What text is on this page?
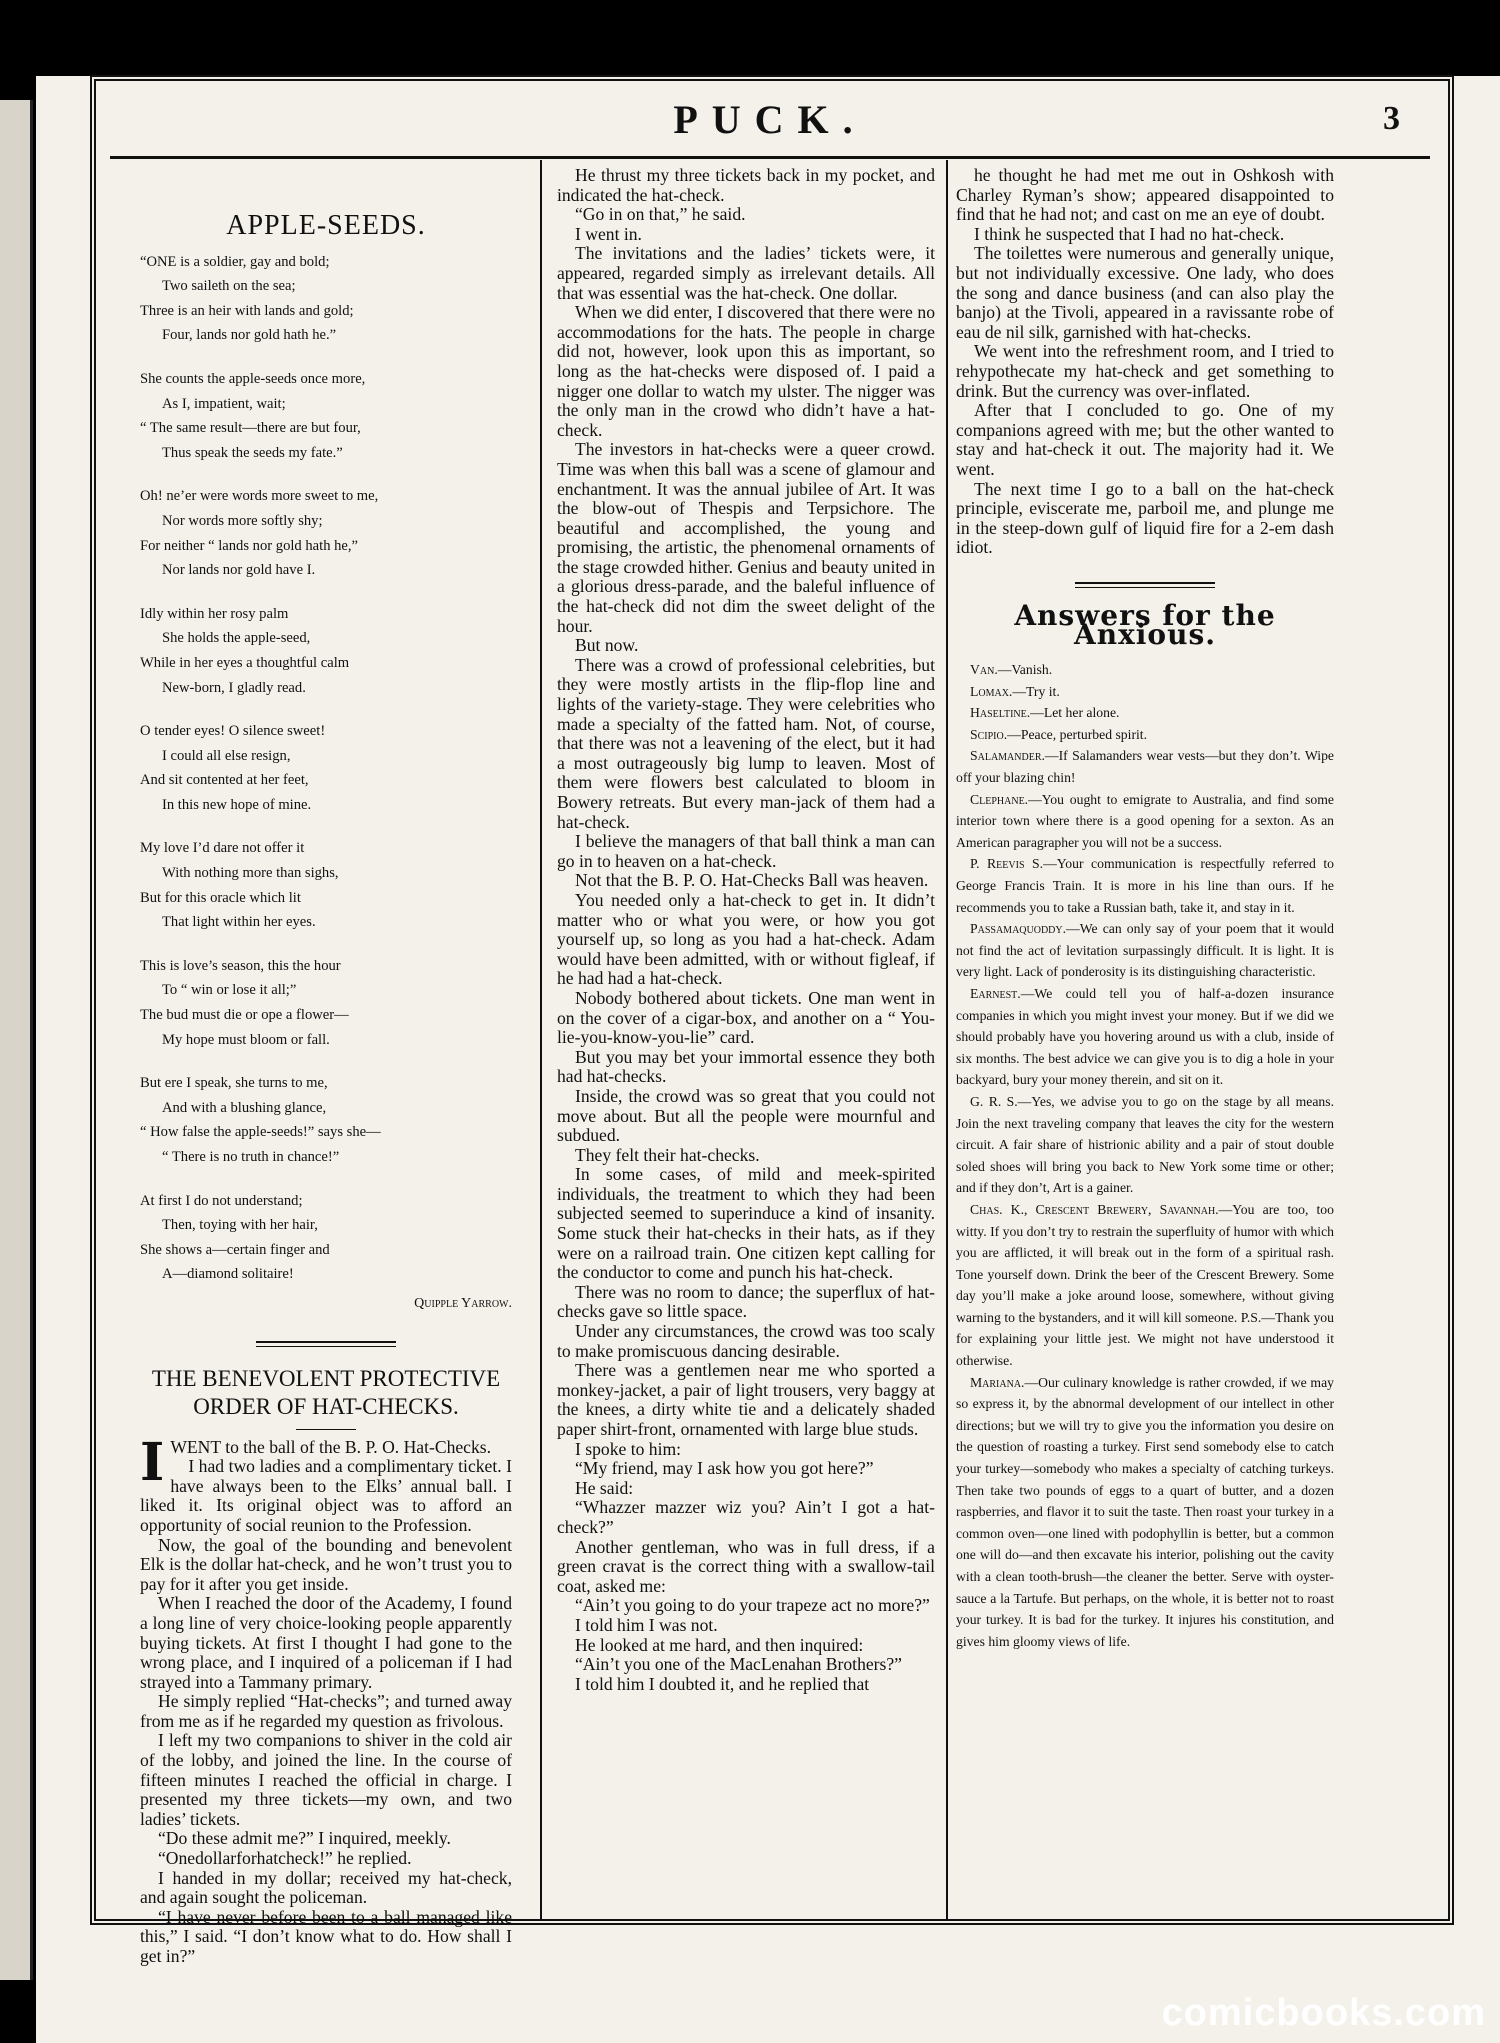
PUCK.	3
APPLE-SEEDS.
“ONE is a soldier, gay and bold;
Two saileth on the sea;
Three is an heir with lands and gold;
Four, lands nor gold hath he.”
She counts the apple-seeds once more,
As I, impatient, wait;
“ The same result—there are but four,
Thus speak the seeds my fate.”
Oh! ne’er were words more sweet to me,
Nor words more softly shy;
For neither “ lands nor gold hath he,”
Nor lands nor gold have I.
Idly within her rosy palm
She holds the apple-seed,
While in her eyes a thoughtful calm
New-born, I gladly read.
O tender eyes! O silence sweet!
I could all else resign,
And sit contented at her feet,
In this new hope of mine.
My love I’d dare not offer it
With nothing more than sighs,
But for this oracle which lit
That light within her eyes.
This is love’s season, this the hour
To “ win or lose it all;”
The bud must die or ope a flower—
My hope must bloom or fall.
But ere I speak, she turns to me,
And with a blushing glance,
“ How false the apple-seeds!” says she—
“ There is no truth in chance!”
At first I do not understand;
Then, toying with her hair,
She shows a—certain finger and
A—diamond solitaire!
Quipple Yarrow.
THE BENEVOLENT PROTECTIVE ORDER OF HAT-CHECKS.

IWENT to the ball of the B. P. O. Hat-Checks.

I had two ladies and a complimentary ticket. I have always been to the Elks’ annual ball. I liked it. Its original object was to afford an opportunity of social reunion to the Profession.

Now, the goal of the bounding and benevolent Elk is the dollar hat-check, and he won’t trust you to pay for it after you get inside.

When I reached the door of the Academy, I found a long line of very choice-looking people apparently buying tickets. At first I thought I had gone to the wrong place, and I inquired of a policeman if I had strayed into a Tammany primary.

He simply replied “Hat-checks”; and turned away from me as if he regarded my question as frivolous.

I left my two companions to shiver in the cold air of the lobby, and joined the line. In the course of fifteen minutes I reached the official in charge. I presented my three tickets—my own, and two ladies’ tickets.

“Do these admit me?” I inquired, meekly.

“Onedollarforhatcheck!” he replied.

I handed in my dollar; received my hat-check, and again sought the policeman.

“I have never before been to a ball managed like this,” I said. “I don’t know what to do. How shall I get in?”

He thrust my three tickets back in my pocket, and indicated the hat-check.

“Go in on that,” he said.

I went in.

The invitations and the ladies’ tickets were, it appeared, regarded simply as irrelevant details. All that was essential was the hat-check. One dollar.

When we did enter, I discovered that there were no accommodations for the hats. The people in charge did not, however, look upon this as important, so long as the hat-checks were disposed of. I paid a nigger one dollar to watch my ulster. The nigger was the only man in the crowd who didn’t have a hat-check.

The investors in hat-checks were a queer crowd. Time was when this ball was a scene of glamour and enchantment. It was the annual jubilee of Art. It was the blow-out of Thespis and Terpsichore. The beautiful and accomplished, the young and promising, the artistic, the phenomenal ornaments of the stage crowded hither. Genius and beauty united in a glorious dress-parade, and the baleful influence of the hat-check did not dim the sweet delight of the hour.

But now.

There was a crowd of professional celebrities, but they were mostly artists in the flip-flop line and lights of the variety-stage. They were celebrities who made a specialty of the fatted ham. Not, of course, that there was not a leavening of the elect, but it had a most outrageously big lump to leaven. Most of them were flowers best calculated to bloom in Bowery retreats. But every man-jack of them had a hat-check.

I believe the managers of that ball think a man can go in to heaven on a hat-check.

Not that the B. P. O. Hat-Checks Ball was heaven.

You needed only a hat-check to get in. It didn’t matter who or what you were, or how you got yourself up, so long as you had a hat-check. Adam would have been admitted, with or without figleaf, if he had had a hat-check.

Nobody bothered about tickets. One man went in on the cover of a cigar-box, and another on a “ You-lie-you-know-you-lie” card.

But you may bet your immortal essence they both had hat-checks.

Inside, the crowd was so great that you could not move about. But all the people were mournful and subdued.

They felt their hat-checks.

In some cases, of mild and meek-spirited individuals, the treatment to which they had been subjected seemed to superinduce a kind of insanity. Some stuck their hat-checks in their hats, as if they were on a railroad train. One citizen kept calling for the conductor to come and punch his hat-check.

There was no room to dance; the superflux of hat-checks gave so little space.

Under any circumstances, the crowd was too scaly to make promiscuous dancing desirable.

There was a gentlemen near me who sported a monkey-jacket, a pair of light trousers, very baggy at the knees, a dirty white tie and a delicately shaded paper shirt-front, ornamented with large blue studs.

I spoke to him:

“My friend, may I ask how you got here?”

He said:

“Whazzer mazzer wiz you? Ain’t I got a hat-check?”

Another gentleman, who was in full dress, if a green cravat is the correct thing with a swallow-tail coat, asked me:

“Ain’t you going to do your trapeze act no more?”

I told him I was not.

He looked at me hard, and then inquired:

“Ain’t you one of the MacLenahan Brothers?”

I told him I doubted it, and he replied that

he thought he had met me out in Oshkosh with Charley Ryman’s show; appeared disappointed to find that he had not; and cast on me an eye of doubt.

I think he suspected that I had no hat-check.

The toilettes were numerous and generally unique, but not individually excessive. One lady, who does the song and dance business (and can also play the banjo) at the Tivoli, appeared in a ravissante robe of eau de nil silk, garnished with hat-checks.

We went into the refreshment room, and I tried to rehypothecate my hat-check and get something to drink. But the currency was over-inflated.

After that I concluded to go. One of my companions agreed with me; but the other wanted to stay and hat-check it out. The majority had it. We went.

The next time I go to a ball on the hat-check principle, eviscerate me, parboil me, and plunge me in the steep-down gulf of liquid fire for a 2-em dash idiot.

Answers for the Anxious.

Van.—Vanish.

Lomax.—Try it.

Haseltine.—Let her alone.

Scipio.—Peace, perturbed spirit.

Salamander.—If Salamanders wear vests—but they don’t. Wipe off your blazing chin!

Clephane.—You ought to emigrate to Australia, and find some interior town where there is a good opening for a sexton. As an American paragrapher you will not be a success.

P. Reevis S.—Your communication is respectfully referred to George Francis Train. It is more in his line than ours. If he recommends you to take a Russian bath, take it, and stay in it.

Passamaquoddy.—We can only say of your poem that it would not find the act of levitation surpassingly difficult. It is light. It is very light. Lack of ponderosity is its distinguishing characteristic.

Earnest.—We could tell you of half-a-dozen insurance companies in which you might invest your money. But if we did we should probably have you hovering around us with a club, inside of six months. The best advice we can give you is to dig a hole in your backyard, bury your money therein, and sit on it.

G. R. S.—Yes, we advise you to go on the stage by all means. Join the next traveling company that leaves the city for the western circuit. A fair share of histrionic ability and a pair of stout double soled shoes will bring you back to New York some time or other; and if they don’t, Art is a gainer.

Chas. K., Crescent Brewery, Savannah.—You are too, too witty. If you don’t try to restrain the superfluity of humor with which you are afflicted, it will break out in the form of a spiritual rash. Tone yourself down. Drink the beer of the Crescent Brewery. Some day you’ll make a joke around loose, somewhere, without giving warning to the bystanders, and it will kill someone. P.S.—Thank you for explaining your little jest. We might not have understood it otherwise.

Mariana.—Our culinary knowledge is rather crowded, if we may so express it, by the abnormal development of our intellect in other directions; but we will try to give you the information you desire on the question of roasting a turkey. First send somebody else to catch your turkey—somebody who makes a specialty of catching turkeys. Then take two pounds of eggs to a quart of butter, and a dozen raspberries, and flavor it to suit the taste. Then roast your turkey in a common oven—one lined with podophyllin is better, but a common one will do—and then excavate his interior, polishing out the cavity with a clean tooth-brush—the cleaner the better. Serve with oyster-sauce a la Tartufe. But perhaps, on the whole, it is better not to roast your turkey. It is bad for the turkey. It injures his constitution, and gives him gloomy views of life.

comicbooks.com
